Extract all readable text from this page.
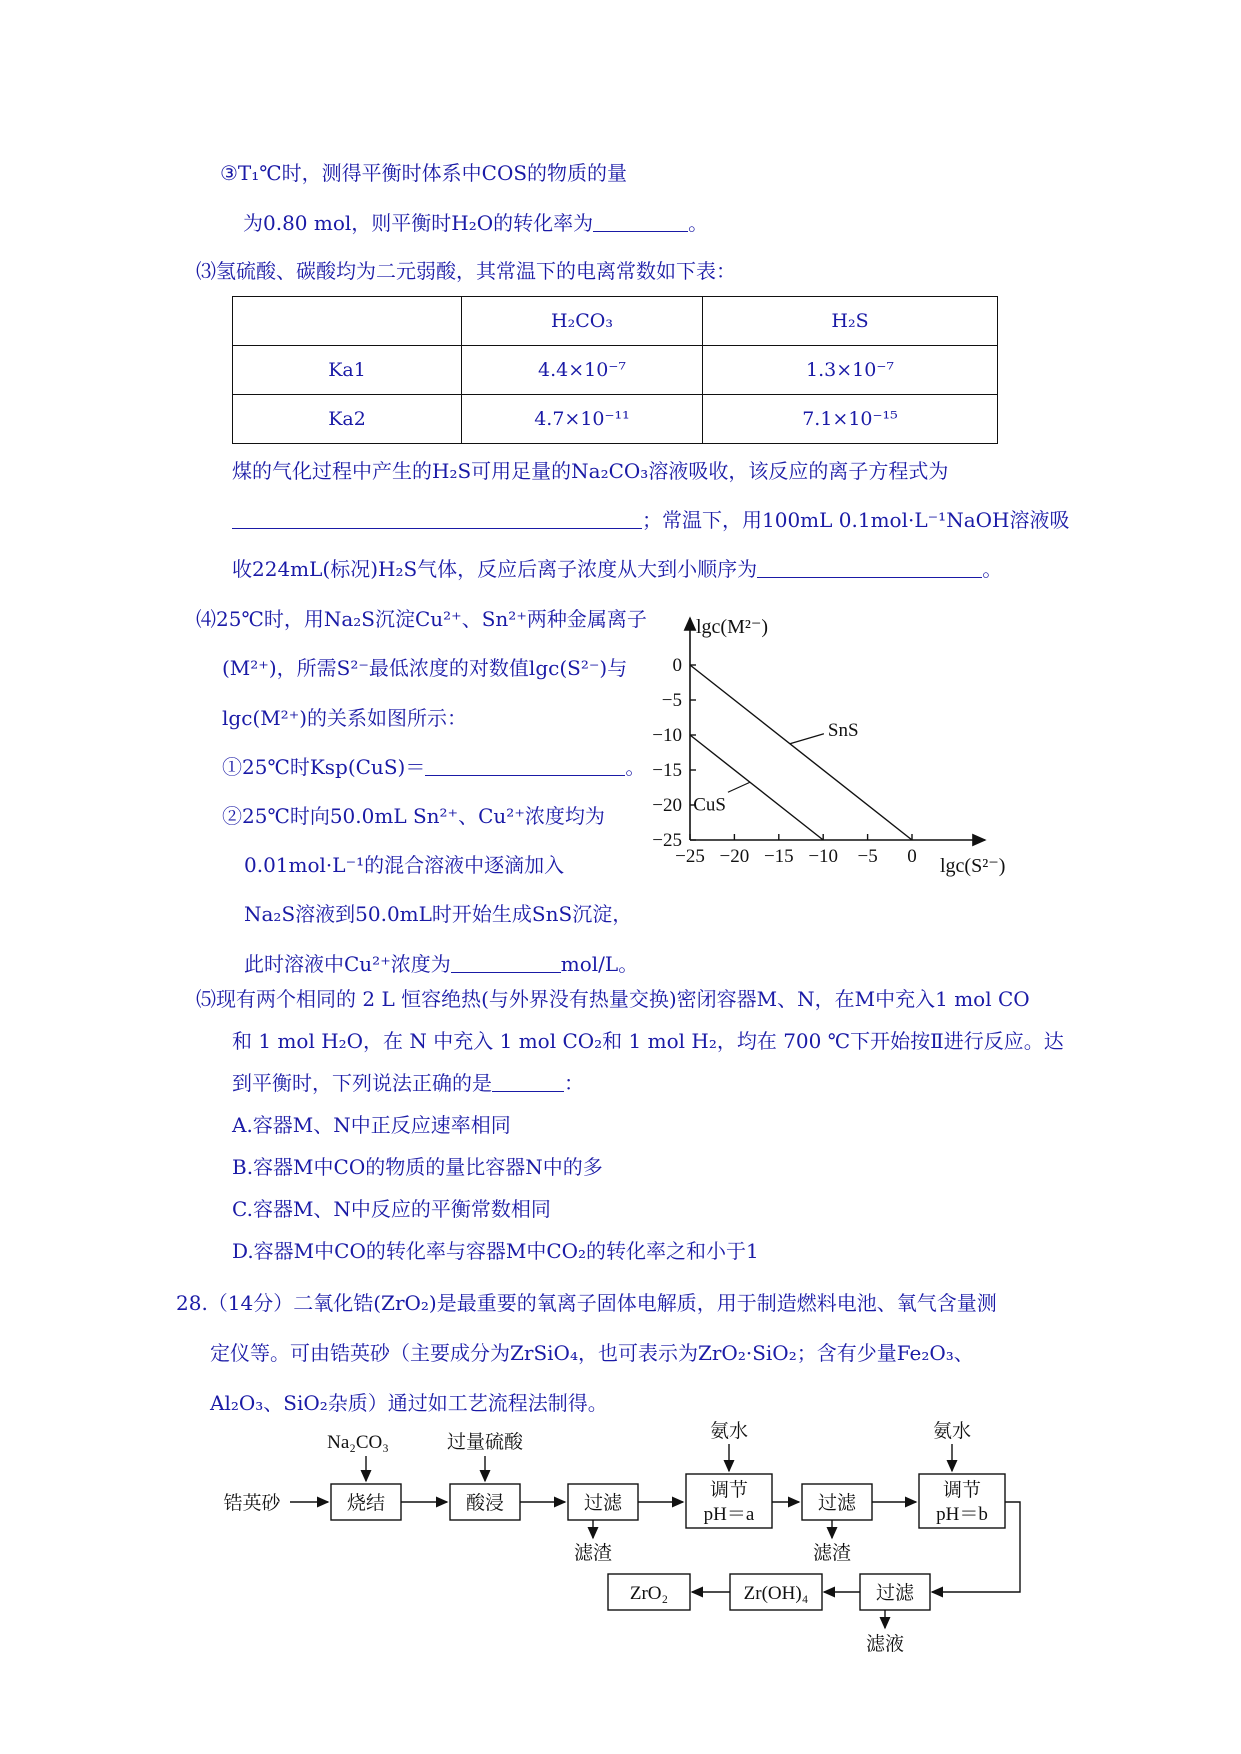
③T₁℃时，测得平衡时体系中COS的物质的量
为0.80 mol，则平衡时H₂O的转化率为	。
⑶氢硫酸、碳酸均为二元弱酸，其常温下的电离常数如下表：
	H₂CO₃	H₂S
Ka1	4.4×10⁻⁷	1.3×10⁻⁷
Ka2	4.7×10⁻¹¹	7.1×10⁻¹⁵
煤的气化过程中产生的H₂S可用足量的Na₂CO₃溶液吸收，该反应的离子方程式为
；常温下，用100mL 0.1mol·L⁻¹NaOH溶液吸
收224mL(标况)H₂S气体，反应后离子浓度从大到小顺序为	。
⑷25℃时，用Na₂S沉淀Cu²⁺、Sn²⁺两种金属离子
(M²⁺)，所需S²⁻最低浓度的对数值lgc(S²⁻)与
lgc(M²⁺)的关系如图所示：
①25℃时Ksp(CuS)＝	。
②25℃时向50.0mL Sn²⁺、Cu²⁺浓度均为
0.01mol·L⁻¹的混合溶液中逐滴加入
Na₂S溶液到50.0mL时开始生成SnS沉淀，
此时溶液中Cu²⁺浓度为	mol/L。
0
−5
−10
−15
−20
−25
−25 −20 −15 −10 −5 0
SnS
CuS
lgc(M²⁻)
lgc(S²⁻)
⑸现有两个相同的 2 L 恒容绝热(与外界没有热量交换)密闭容器M、N，在M中充入1 mol CO
和 1 mol H₂O，在 N 中充入 1 mol CO₂和 1 mol H₂，均在 700 ℃下开始按Ⅱ进行反应。达
到平衡时，下列说法正确的是	：
A.容器M、N中正反应速率相同
B.容器M中CO的物质的量比容器N中的多
C.容器M、N中反应的平衡常数相同
D.容器M中CO的转化率与容器M中CO₂的转化率之和小于1
28.（14分）二氧化锆(ZrO₂)是最重要的氧离子固体电解质，用于制造燃料电池、氧气含量测
定仪等。可由锆英砂（主要成分为ZrSiO₄，也可表示为ZrO₂·SiO₂；含有少量Fe₂O₃、
Al₂O₃、SiO₂杂质）通过如工艺流程法制得。
锆英砂	烧结
Na₂CO₃
酸浸
过量硫酸
过滤
滤渣
调节
pH＝a
氨水
过滤
滤渣
调节
pH＝b
氨水
过滤
滤液
Zr(OH)₄
ZrO₂
